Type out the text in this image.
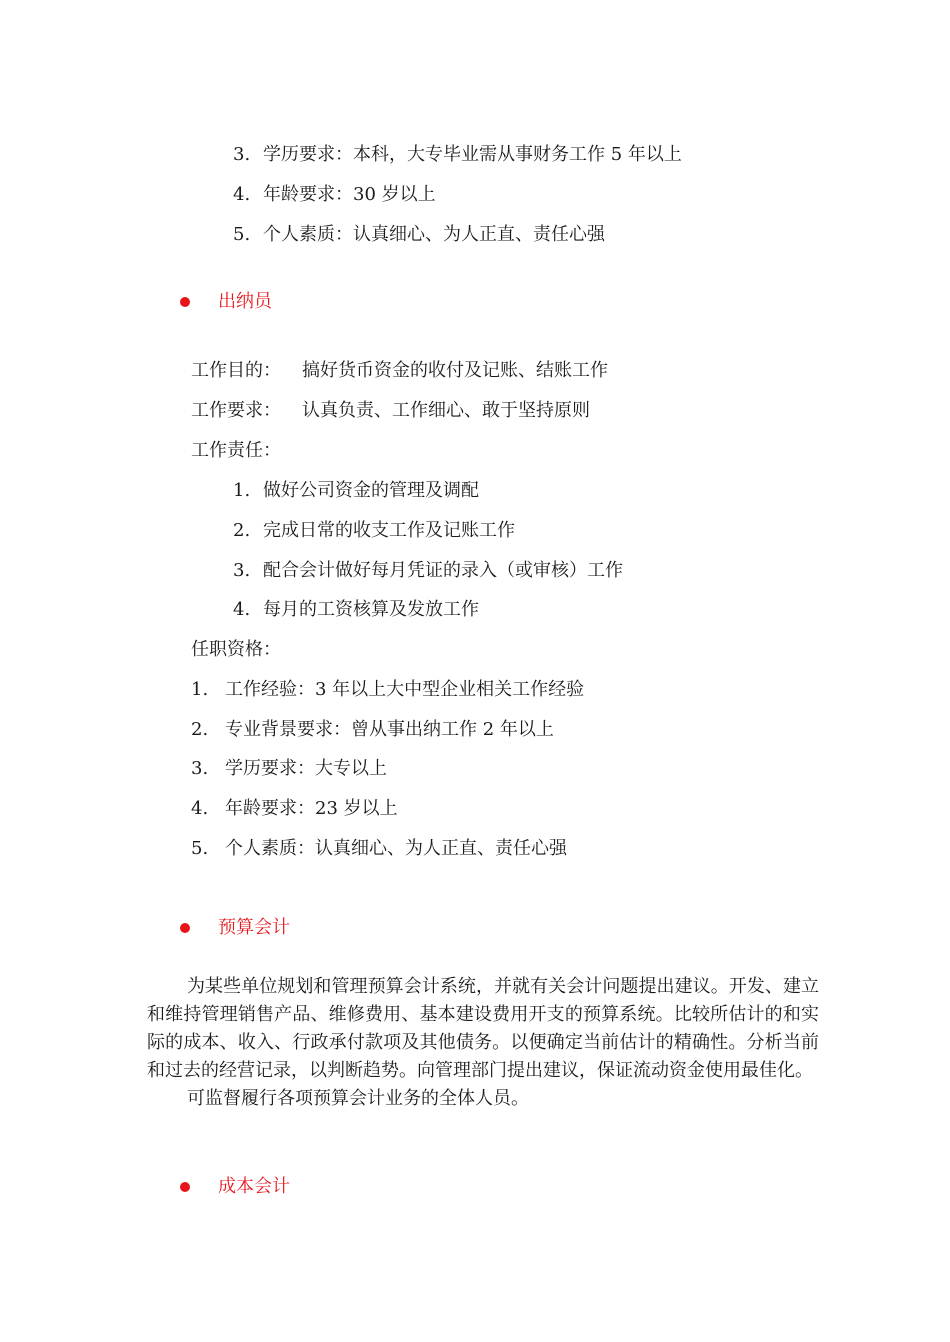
3. 学历要求：本科，大专毕业需从事财务工作 5 年以上
4. 年龄要求：30 岁以上
5. 个人素质：认真细心、为人正直、责任心强
出纳员
工作目的： 搞好货币资金的收付及记账、结账工作
工作要求： 认真负责、工作细心、敢于坚持原则
工作责任：
1. 做好公司资金的管理及调配
2. 完成日常的收支工作及记账工作
3. 配合会计做好每月凭证的录入（或审核）工作
4. 每月的工资核算及发放工作
任职资格：
1. 工作经验：3 年以上大中型企业相关工作经验
2. 专业背景要求：曾从事出纳工作 2 年以上
3. 学历要求：大专以上
4. 年龄要求：23 岁以上
5. 个人素质：认真细心、为人正直、责任心强
预算会计

为某些单位规划和管理预算会计系统，并就有关会计问题提出建议。开发、建立和维持管理销售产品、维修费用、基本建设费用开支的预算系统。比较所估计的和实际的成本、收入、行政承付款项及其他债务。以便确定当前估计的精确性。分析当前和过去的经营记录，以判断趋势。向管理部门提出建议，保证流动资金使用最佳化。

可监督履行各项预算会计业务的全体人员。

成本会计
